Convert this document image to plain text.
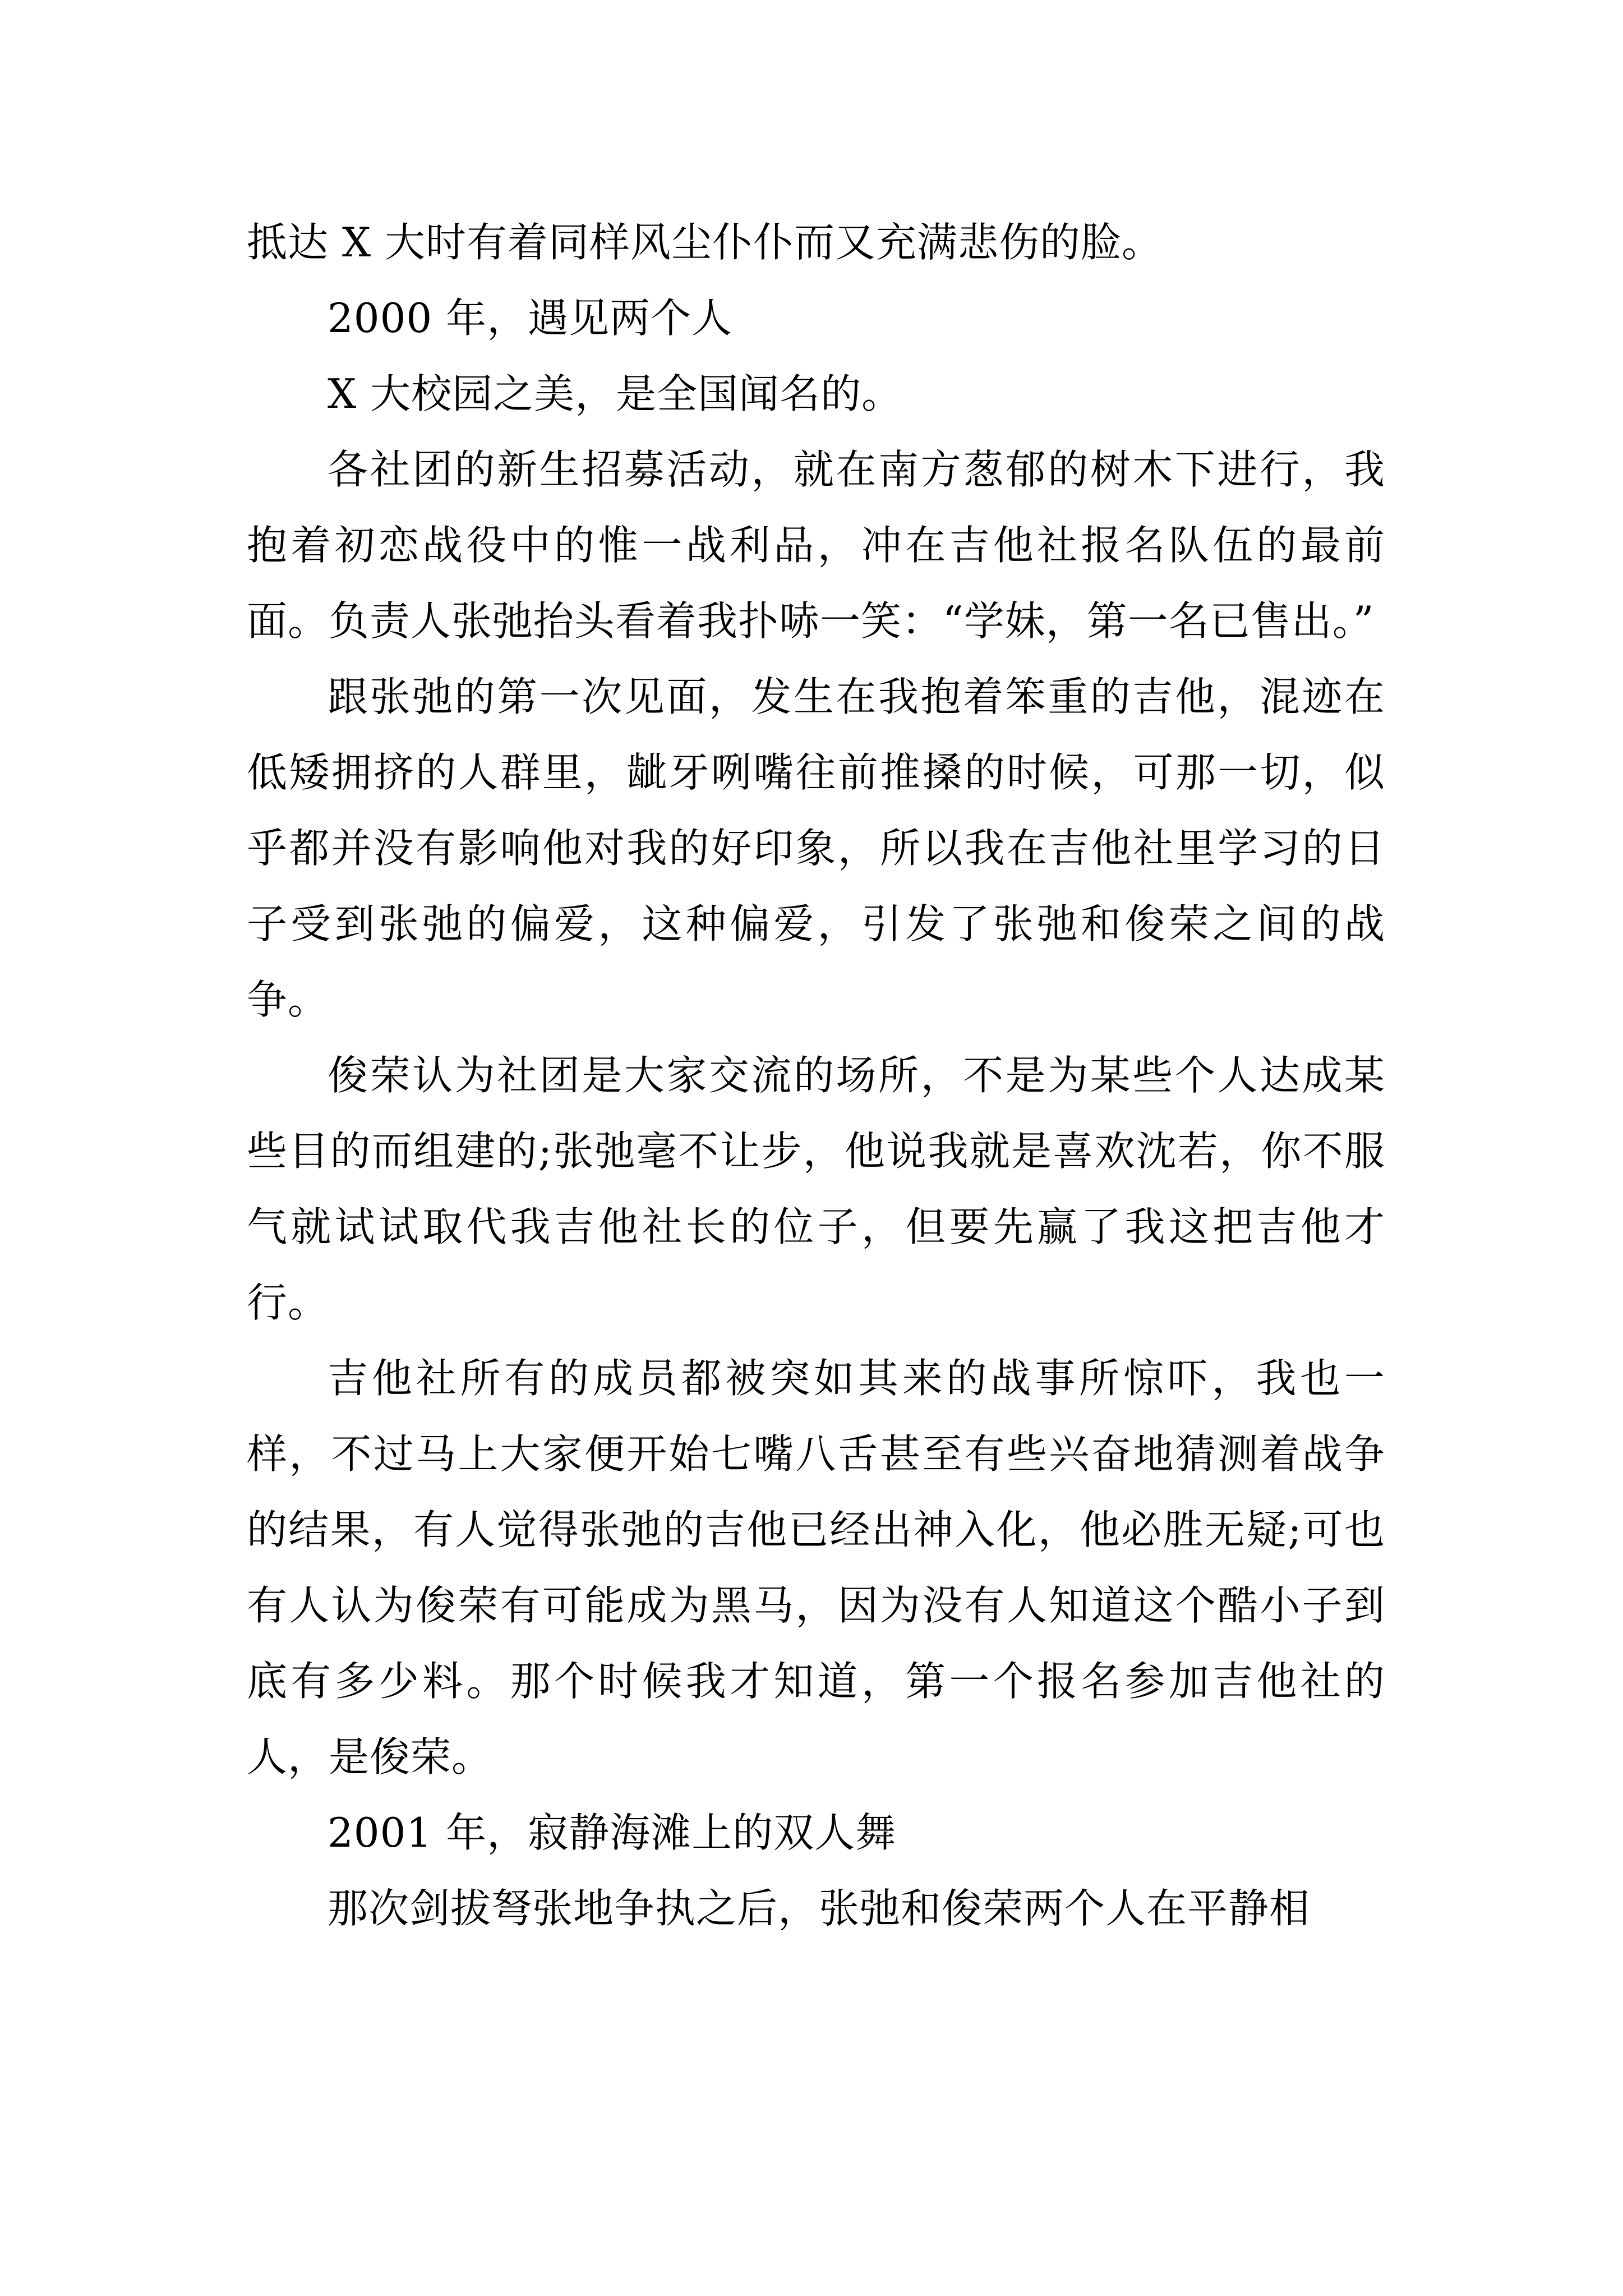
抵达 X 大时有着同样风尘仆仆而又充满悲伤的脸。

2000 年，遇见两个人

X 大校园之美，是全国闻名的。

各社团的新生招募活动，就在南方葱郁的树木下进行，我抱着初恋战役中的惟一战利品，冲在吉他社报名队伍的最前面。负责人张弛抬头看着我扑哧一笑：“学妹，第一名已售出。”

跟张弛的第一次见面，发生在我抱着笨重的吉他，混迹在低矮拥挤的人群里，龇牙咧嘴往前推搡的时候，可那一切，似乎都并没有影响他对我的好印象，所以我在吉他社里学习的日子受到张弛的偏爱，这种偏爱，引发了张弛和俊荣之间的战争。

俊荣认为社团是大家交流的场所，不是为某些个人达成某些目的而组建的;张弛毫不让步，他说我就是喜欢沈若，你不服气就试试取代我吉他社长的位子，但要先赢了我这把吉他才行。

吉他社所有的成员都被突如其来的战事所惊吓，我也一样，不过马上大家便开始七嘴八舌甚至有些兴奋地猜测着战争的结果，有人觉得张弛的吉他已经出神入化，他必胜无疑;可也有人认为俊荣有可能成为黑马，因为没有人知道这个酷小子到底有多少料。那个时候我才知道，第一个报名参加吉他社的人，是俊荣。

2001 年，寂静海滩上的双人舞

那次剑拔弩张地争执之后，张弛和俊荣两个人在平静相
